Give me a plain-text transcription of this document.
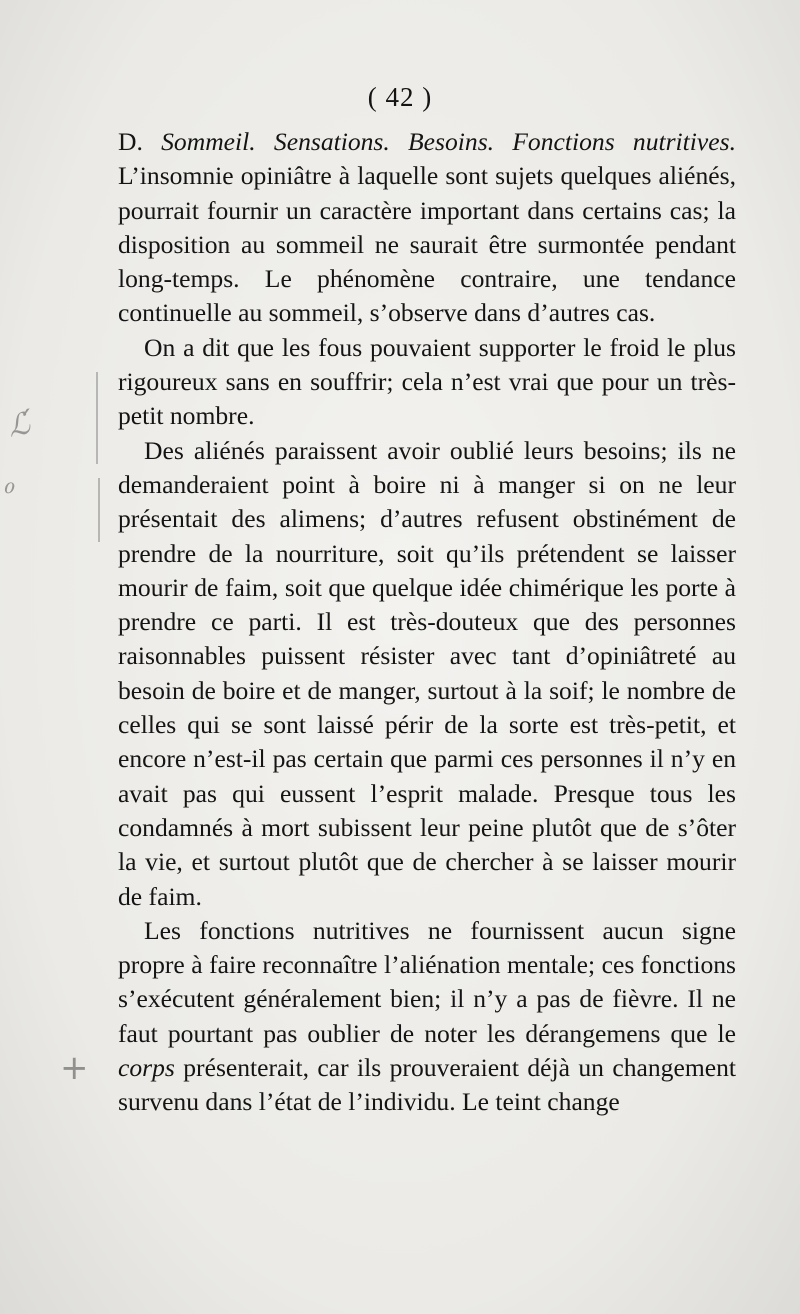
( 42 )
ℒ́
ℴ
+
D. Sommeil. Sensations. Besoins. Fonctions nutritives.

L’insomnie opiniâtre à laquelle sont sujets quelques aliénés, pourrait fournir un caractère important dans certains cas; la disposition au sommeil ne saurait être surmontée pendant long-temps. Le phénomène contraire, une tendance continuelle au sommeil, s’observe dans d’autres cas.

On a dit que les fous pouvaient supporter le froid le plus rigoureux sans en souffrir; cela n’est vrai que pour un très-petit nombre.

Des aliénés paraissent avoir oublié leurs besoins; ils ne demanderaient point à boire ni à manger si on ne leur présentait des alimens; d’autres refusent obstinément de prendre de la nourriture, soit qu’ils prétendent se laisser mourir de faim, soit que quelque idée chimérique les porte à prendre ce parti. Il est très-douteux que des personnes raisonnables puissent résister avec tant d’opiniâtreté au besoin de boire et de manger, surtout à la soif; le nombre de celles qui se sont laissé périr de la sorte est très-petit, et encore n’est-il pas certain que parmi ces personnes il n’y en avait pas qui eussent l’esprit malade. Presque tous les condamnés à mort subissent leur peine plutôt que de s’ôter la vie, et surtout plutôt que de chercher à se laisser mourir de faim.

Les fonctions nutritives ne fournissent aucun signe propre à faire reconnaître l’aliénation mentale; ces fonctions s’exécutent généralement bien; il n’y a pas de fièvre. Il ne faut pourtant pas oublier de noter les dérangemens que le corps présenterait, car ils prouveraient déjà un changement survenu dans l’état de l’individu. Le teint change
